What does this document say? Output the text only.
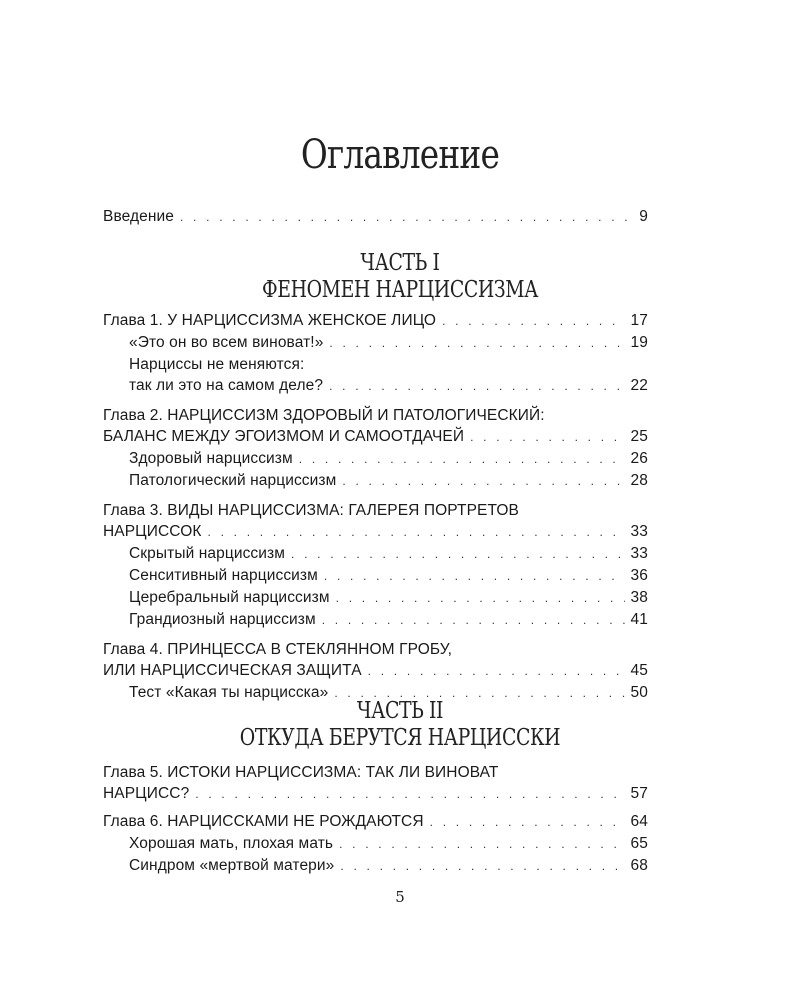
Оглавление
Введение . . .	9
ЧАСТЬ I
ФЕНОМЕН НАРЦИССИЗМА
Глава 1. У НАРЦИССИЗМА ЖЕНСКОЕ ЛИЦО . . .	17
«Это он во всем виноват!» . . .	19
Нарциссы не меняются:
так ли это на самом деле? . . .	22
Глава 2. НАРЦИССИЗМ ЗДОРОВЫЙ И ПАТОЛОГИЧЕСКИЙ:
БАЛАНС МЕЖДУ ЭГОИЗМОМ И САМООТДАЧЕЙ . . .	25
Здоровый нарциссизм . . .	26
Патологический нарциссизм . . .	28
Глава 3. ВИДЫ НАРЦИССИЗМА: ГАЛЕРЕЯ ПОРТРЕТОВ
НАРЦИССОК . . .	33
Скрытый нарциссизм . . .	33
Сенситивный нарциссизм . . .	36
Церебральный нарциссизм . . .	38
Грандиозный нарциссизм . . .	41
Глава 4. ПРИНЦЕССА В СТЕКЛЯННОМ ГРОБУ,
ИЛИ НАРЦИССИЧЕСКАЯ ЗАЩИТА . . .	45
Тест «Какая ты нарцисска» . . .	50
ЧАСТЬ II
ОТКУДА БЕРУТСЯ НАРЦИССКИ
Глава 5. ИСТОКИ НАРЦИССИЗМА: ТАК ЛИ ВИНОВАТ
НАРЦИСС? . . .	57
Глава 6. НАРЦИССКАМИ НЕ РОЖДАЮТСЯ . . .	64
Хорошая мать, плохая мать . . .	65
Синдром «мертвой матери» . . .	68
5
